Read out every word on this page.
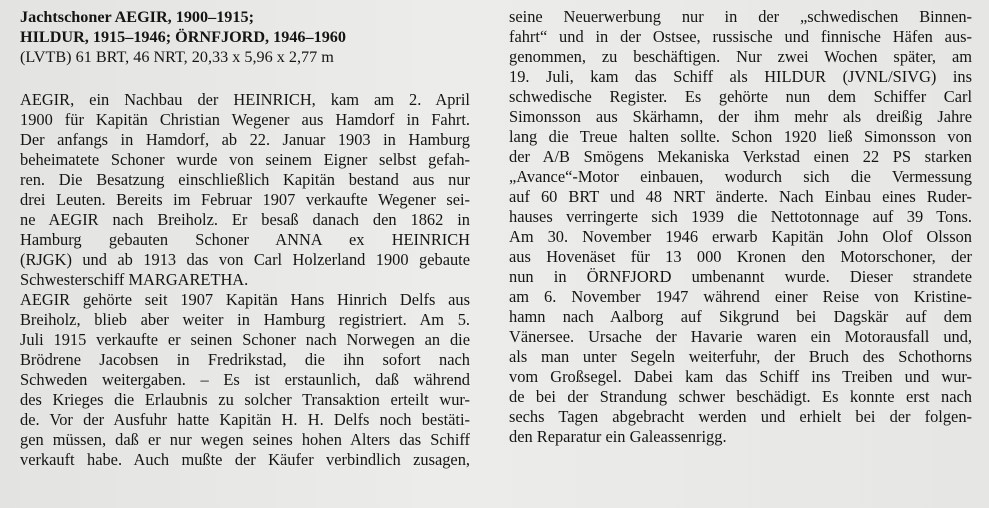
Jachtschoner AEGIR, 1900–1915;
HILDUR, 1915–1946; ÖRNFJORD, 1946–1960
(LVTB) 61 BRT, 46 NRT, 20,33 x 5,96 x 2,77 m
AEGIR, ein Nachbau der HEINRICH, kam am 2. April
1900 für Kapitän Christian Wegener aus Hamdorf in Fahrt.
Der anfangs in Hamdorf, ab 22. Januar 1903 in Hamburg
beheimatete Schoner wurde von seinem Eigner selbst gefah-
ren. Die Besatzung einschließlich Kapitän bestand aus nur
drei Leuten. Bereits im Februar 1907 verkaufte Wegener sei-
ne AEGIR nach Breiholz. Er besaß danach den 1862 in
Hamburg gebauten Schoner ANNA ex HEINRICH
(RJGK) und ab 1913 das von Carl Holzerland 1900 gebaute
Schwesterschiff MARGARETHA.
AEGIR gehörte seit 1907 Kapitän Hans Hinrich Delfs aus
Breiholz, blieb aber weiter in Hamburg registriert. Am 5.
Juli 1915 verkaufte er seinen Schoner nach Norwegen an die
Brödrene Jacobsen in Fredrikstad, die ihn sofort nach
Schweden weitergaben. – Es ist erstaunlich, daß während
des Krieges die Erlaubnis zu solcher Transaktion erteilt wur-
de. Vor der Ausfuhr hatte Kapitän H. H. Delfs noch bestäti-
gen müssen, daß er nur wegen seines hohen Alters das Schiff
verkauft habe. Auch mußte der Käufer verbindlich zusagen,
seine Neuerwerbung nur in der „schwedischen Binnen-
fahrt“ und in der Ostsee, russische und finnische Häfen aus-
genommen, zu beschäftigen. Nur zwei Wochen später, am
19. Juli, kam das Schiff als HILDUR (JVNL/SIVG) ins
schwedische Register. Es gehörte nun dem Schiffer Carl
Simonsson aus Skärhamn, der ihm mehr als dreißig Jahre
lang die Treue halten sollte. Schon 1920 ließ Simonsson von
der A/B Smögens Mekaniska Verkstad einen 22 PS starken
„Avance“-Motor einbauen, wodurch sich die Vermessung
auf 60 BRT und 48 NRT änderte. Nach Einbau eines Ruder-
hauses verringerte sich 1939 die Nettotonnage auf 39 Tons.
Am 30. November 1946 erwarb Kapitän John Olof Olsson
aus Hovenäset für 13 000 Kronen den Motorschoner, der
nun in ÖRNFJORD umbenannt wurde. Dieser strandete
am 6. November 1947 während einer Reise von Kristine-
hamn nach Aalborg auf Sikgrund bei Dagskär auf dem
Vänersee. Ursache der Havarie waren ein Motorausfall und,
als man unter Segeln weiterfuhr, der Bruch des Schothorns
vom Großsegel. Dabei kam das Schiff ins Treiben und wur-
de bei der Strandung schwer beschädigt. Es konnte erst nach
sechs Tagen abgebracht werden und erhielt bei der folgen-
den Reparatur ein Galeassenrigg.
